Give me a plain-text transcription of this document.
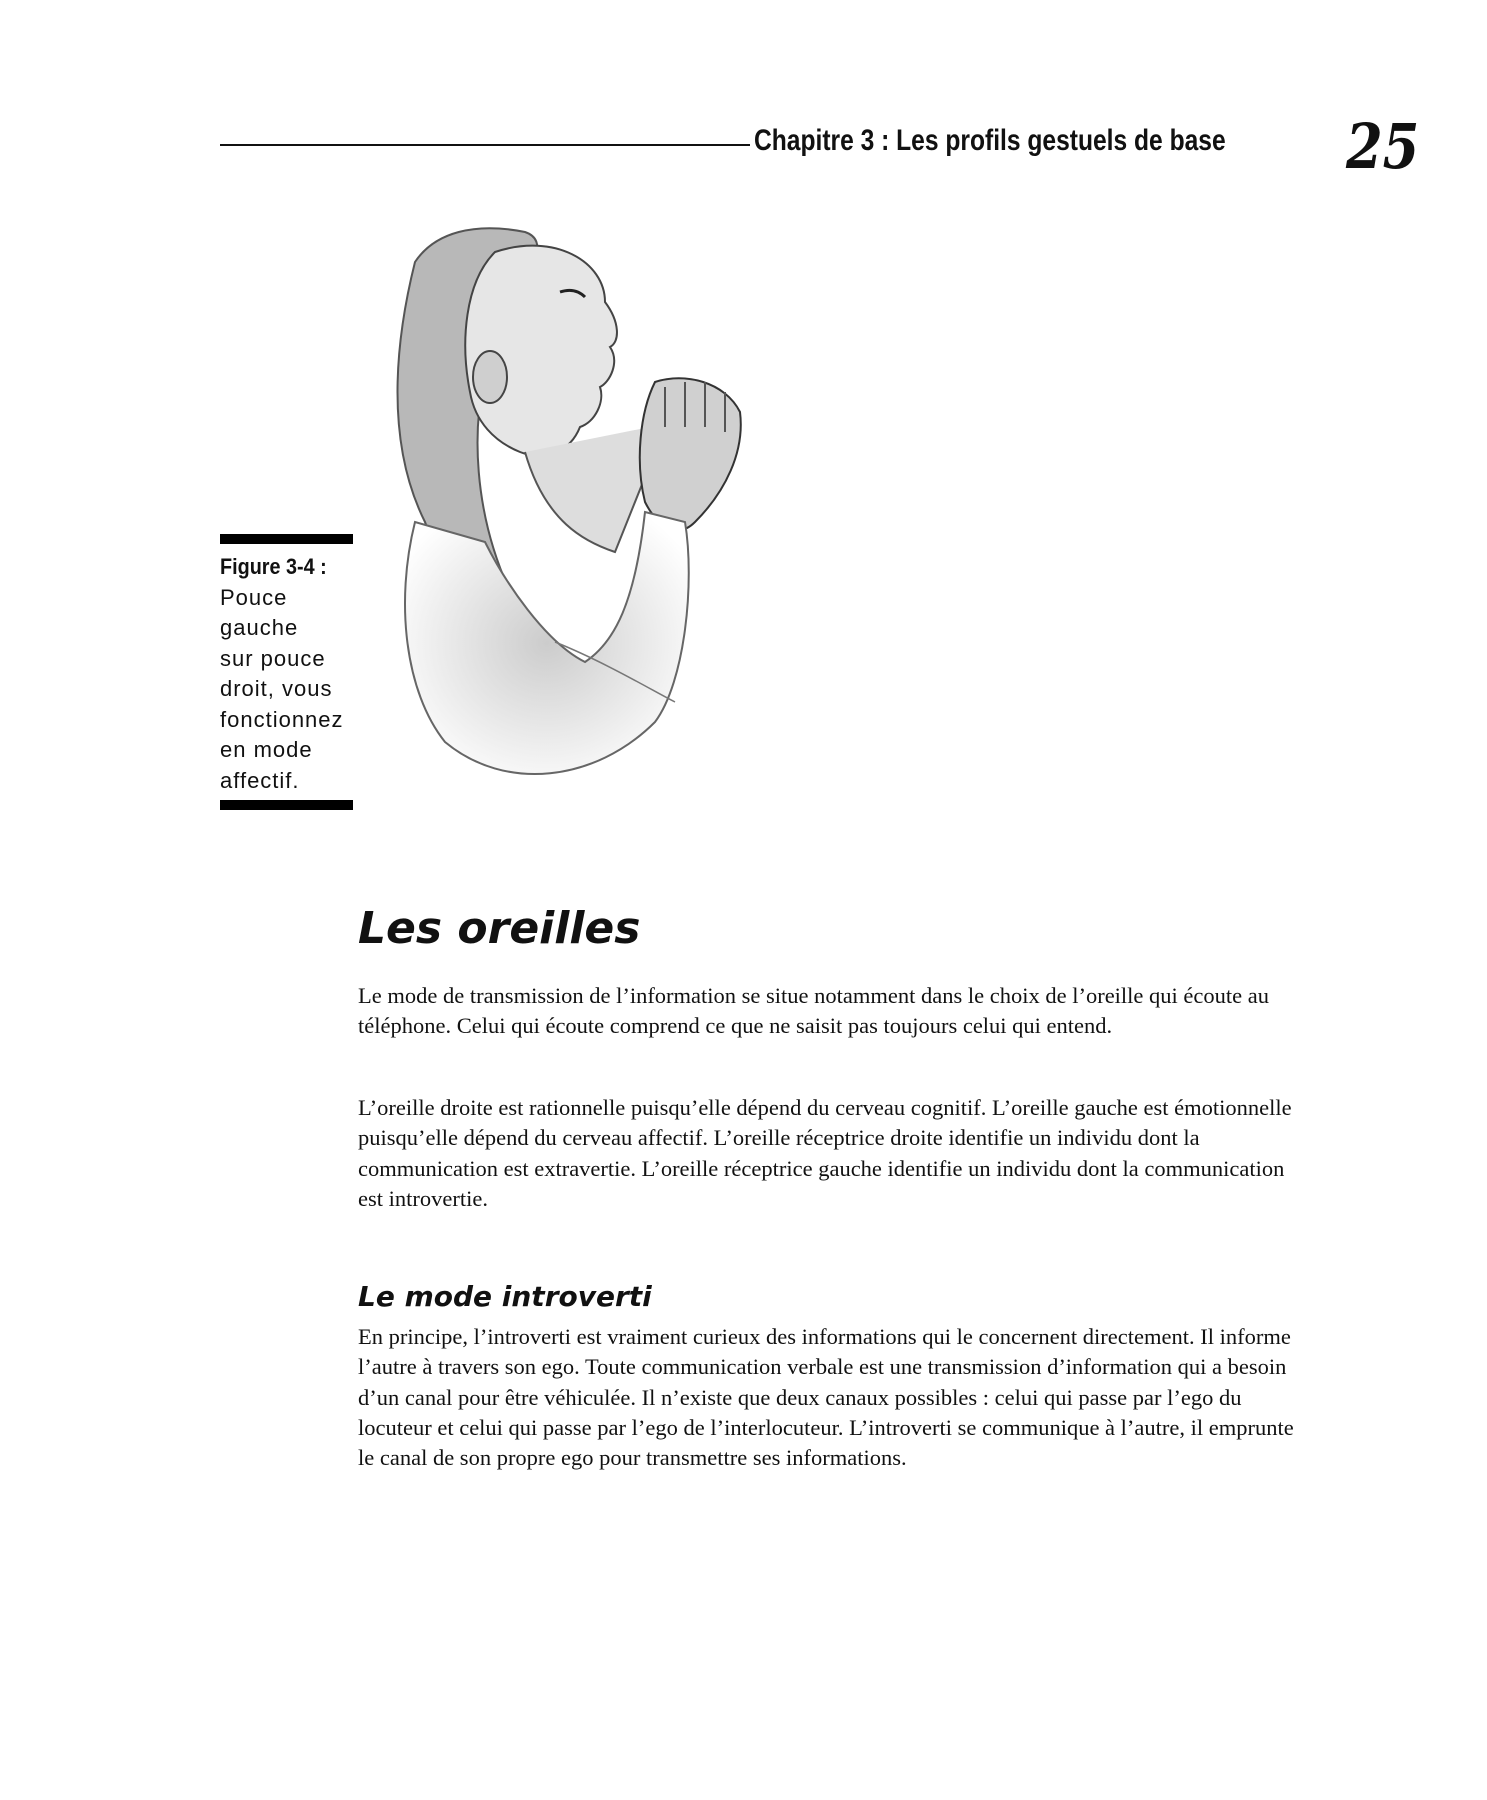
Chapitre 3 : Les profils gestuels de base 25
Figure 3-4 :
Pouce
gauche
sur pouce
droit, vous
fonctionnez
en mode
affectif.
Les oreilles

Le mode de transmission de l’information se situe notamment dans le choix de l’oreille qui écoute au téléphone. Celui qui écoute comprend ce que ne saisit pas toujours celui qui entend.

L’oreille droite est rationnelle puisqu’elle dépend du cerveau cognitif. L’oreille gauche est émotionnelle puisqu’elle dépend du cerveau affectif. L’oreille réceptrice droite identifie un individu dont la communication est extravertie. L’oreille réceptrice gauche identifie un individu dont la communication est introvertie.

Le mode introverti

En principe, l’introverti est vraiment curieux des informations qui le concernent directement. Il informe l’autre à travers son ego. Toute communication verbale est une transmission d’information qui a besoin d’un canal pour être véhiculée. Il n’existe que deux canaux possibles : celui qui passe par l’ego du locuteur et celui qui passe par l’ego de l’interlocuteur. L’introverti se communique à l’autre, il emprunte le canal de son propre ego pour transmettre ses informations.
